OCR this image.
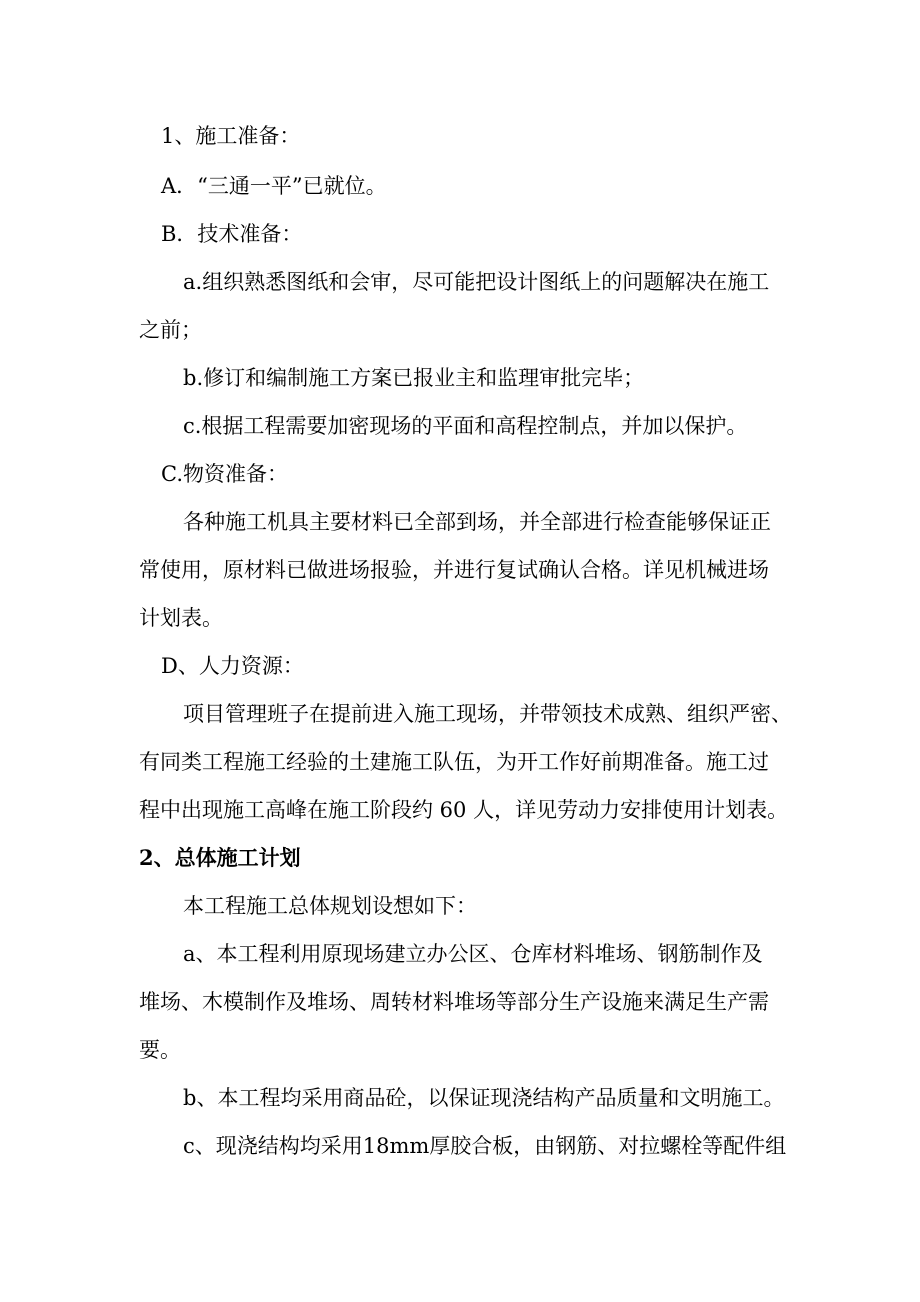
1、施工准备：
A．“三通一平”已就位。
B．技术准备：
a.组织熟悉图纸和会审，尽可能把设计图纸上的问题解决在施工
之前；
b.修订和编制施工方案已报业主和监理审批完毕；
c.根据工程需要加密现场的平面和高程控制点，并加以保护。
C.物资准备：
各种施工机具主要材料已全部到场，并全部进行检查能够保证正
常使用，原材料已做进场报验，并进行复试确认合格。详见机械进场
计划表。
D、人力资源：
项目管理班子在提前进入施工现场，并带领技术成熟、组织严密、
有同类工程施工经验的土建施工队伍，为开工作好前期准备。施工过
程中出现施工高峰在施工阶段约 60 人，详见劳动力安排使用计划表。
2、总体施工计划
本工程施工总体规划设想如下：
a、本工程利用原现场建立办公区、仓库材料堆场、钢筋制作及
堆场、木模制作及堆场、周转材料堆场等部分生产设施来满足生产需
要。
b、本工程均采用商品砼，以保证现浇结构产品质量和文明施工。
c、现浇结构均采用18mm厚胶合板，由钢筋、对拉螺栓等配件组
